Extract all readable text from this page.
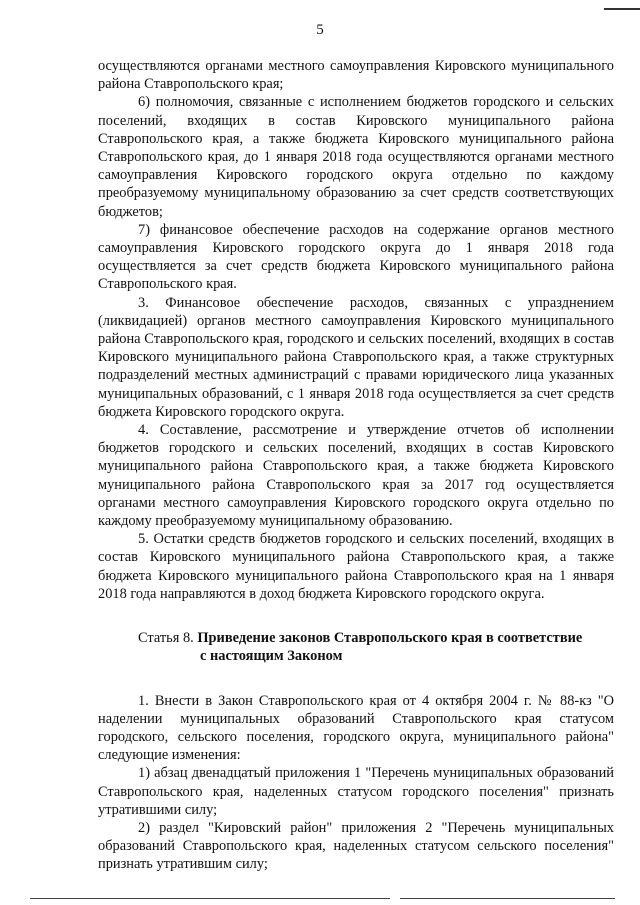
5

осуществляются органами местного самоуправления Кировского муниципального района Ставропольского края;

6) полномочия, связанные с исполнением бюджетов городского и сельских поселений, входящих в состав Кировского муниципального района Ставропольского края, а также бюджета Кировского муниципального района Ставропольского края, до 1 января 2018 года осуществляются органами местного самоуправления Кировского городского округа отдельно по каждому преобразуемому муниципальному образованию за счет средств соответствующих бюджетов;

7) финансовое обеспечение расходов на содержание органов местного самоуправления Кировского городского округа до 1 января 2018 года осуществляется за счет средств бюджета Кировского муниципального района Ставропольского края.

3. Финансовое обеспечение расходов, связанных с упразднением (ликвидацией) органов местного самоуправления Кировского муниципального района Ставропольского края, городского и сельских поселений, входящих в состав Кировского муниципального района Ставропольского края, а также структурных подразделений местных администраций с правами юридического лица указанных муниципальных образований, с 1 января 2018 года осуществляется за счет средств бюджета Кировского городского округа.

4. Составление, рассмотрение и утверждение отчетов об исполнении бюджетов городского и сельских поселений, входящих в состав Кировского муниципального района Ставропольского края, а также бюджета Кировского муниципального района Ставропольского края за 2017 год осуществляется органами местного самоуправления Кировского городского округа отдельно по каждому преобразуемому муниципальному образованию.

5. Остатки средств бюджетов городского и сельских поселений, входящих в состав Кировского муниципального района Ставропольского края, а также бюджета Кировского муниципального района Ставропольского края на 1 января 2018 года направляются в доход бюджета Кировского городского округа.

Статья 8. Приведение законов Ставропольского края в соответствие
с настоящим Законом

1. Внести в Закон Ставропольского края от 4 октября 2004 г. № 88-кз "О наделении муниципальных образований Ставропольского края статусом городского, сельского поселения, городского округа, муниципального района" следующие изменения:

1) абзац двенадцатый приложения 1 "Перечень муниципальных образований Ставропольского края, наделенных статусом городского поселения" признать утратившими силу;

2) раздел "Кировский район" приложения 2 "Перечень муниципальных образований Ставропольского края, наделенных статусом сельского поселения" признать утратившим силу;
